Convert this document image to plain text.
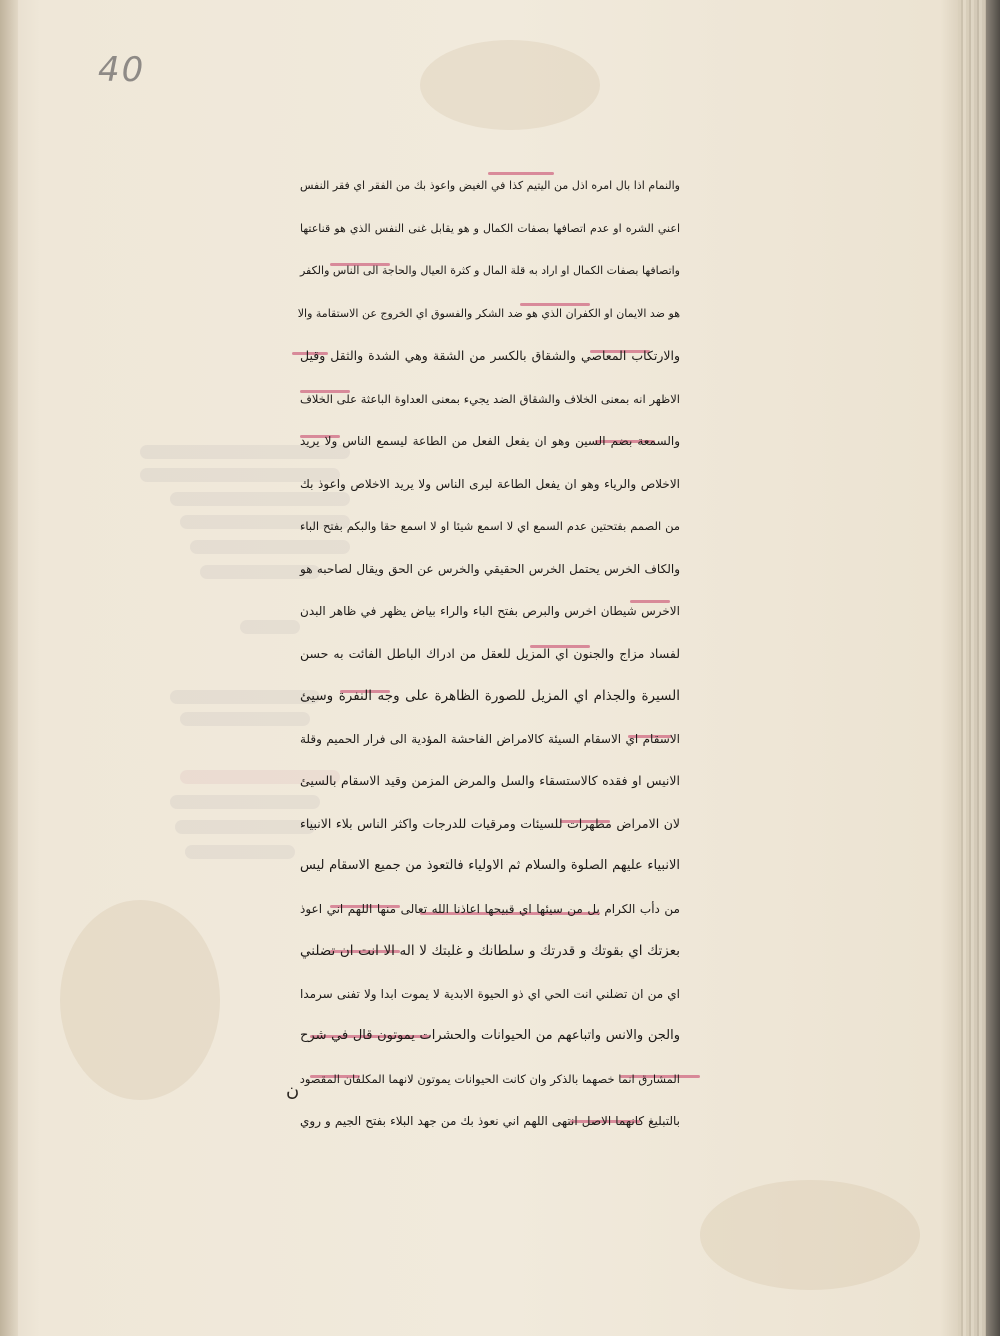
40
والنمام اذا بال امره اذل من اليتيم كذا في الغيض واعوذ بك من الفقر اي فقر النفس
اعني الشره او عدم اتصافها بصفات الكمال و هو يقابل غنى النفس الذي هو قناعتها
واتصافها بصفات الكمال او اراد به قلة المال و كثرة العيال والحاجة الى الناس والكفر
هو ضد الايمان او الكفران الذي هو ضد الشكر والفسوق اي الخروج عن الاستقامة والا
والارتكاب المعاصي والشقاق بالكسر من الشقة وهي الشدة والثقل وقيل
الاظهر انه بمعنى الخلاف والشقاق الضد يجيء بمعنى العداوة الباعثة على الخلاف
والسمعة بضم السين وهو ان يفعل الفعل من الطاعة ليسمع الناس ولا يريد
الاخلاص والرياء وهو ان يفعل الطاعة ليرى الناس ولا يريد الاخلاص واعوذ بك
من الصمم بفتحتين عدم السمع اي لا اسمع شيئا او لا اسمع حقا والبكم بفتح الباء
والكاف الخرس يحتمل الخرس الحقيقي والخرس عن الحق ويقال لصاحبه هو
الاخرس شيطان اخرس والبرص بفتح الباء والراء بياض يظهر في ظاهر البدن
لفساد مزاج والجنون اي المزيل للعقل من ادراك الباطل الفائت به حسن
السيرة والجذام اي المزيل للصورة الظاهرة على وجه النفرة وسيئ
الاسقام اي الاسقام السيئة كالامراض الفاحشة المؤدية الى فرار الحميم وقلة
الانيس او فقده كالاستسقاء والسل والمرض المزمن وقيد الاسقام بالسيئ
لان الامراض مطهرات للسيئات ومرقيات للدرجات واكثر الناس بلاء الانبياء
الانبياء عليهم الصلوة والسلام ثم الاولياء فالتعوذ من جميع الاسقام ليس
من دأب الكرام بل من سيئها اي قبيحها اعاذنا الله تعالى منها اللهم اني اعوذ
بعزتك اي بقوتك و قدرتك و سلطانك و غلبتك لا اله الا انت ان تضلني
اي من ان تضلني انت الحي اي ذو الحيوة الابدية لا يموت ابدا ولا تفنى سرمدا
والجن والانس واتباعهم من الحيوانات والحشرات يموتون قال في شرح
المشارق انما خصهما بالذكر وان كانت الحيوانات يموتون لانهما المكلفان المقصود
بالتبليغ كانهما الاصل انتهى اللهم اني نعوذ بك من جهد البلاء بفتح الجيم و روي
ن
